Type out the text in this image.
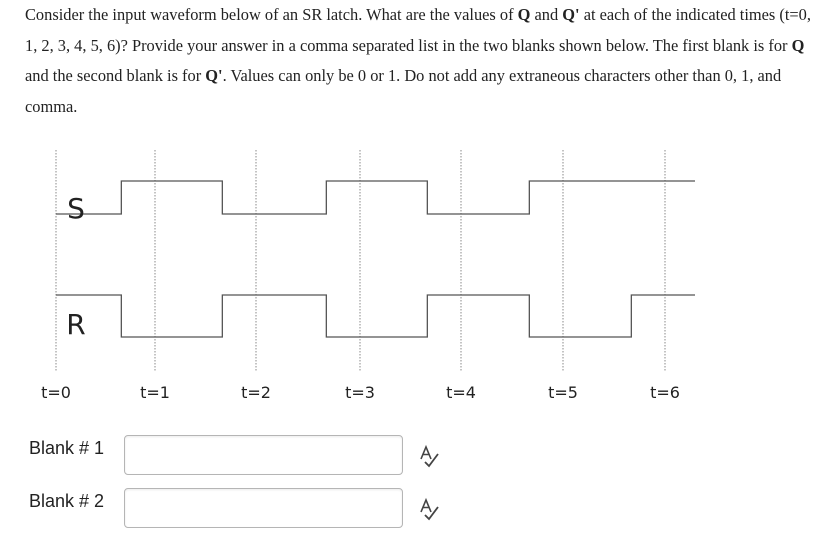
Consider the input waveform below of an SR latch. What are the values of Q and Q' at each of the indicated times (t=0, 1, 2, 3, 4, 5, 6)? Provide your answer in a comma separated list in the two blanks shown below. The first blank is for Q and the second blank is for Q'. Values can only be 0 or 1. Do not add any extraneous characters other than 0, 1, and comma.
S
R
t=0	t=1	t=2	t=3	t=4	t=5	t=6
Blank # 1
Blank # 2
